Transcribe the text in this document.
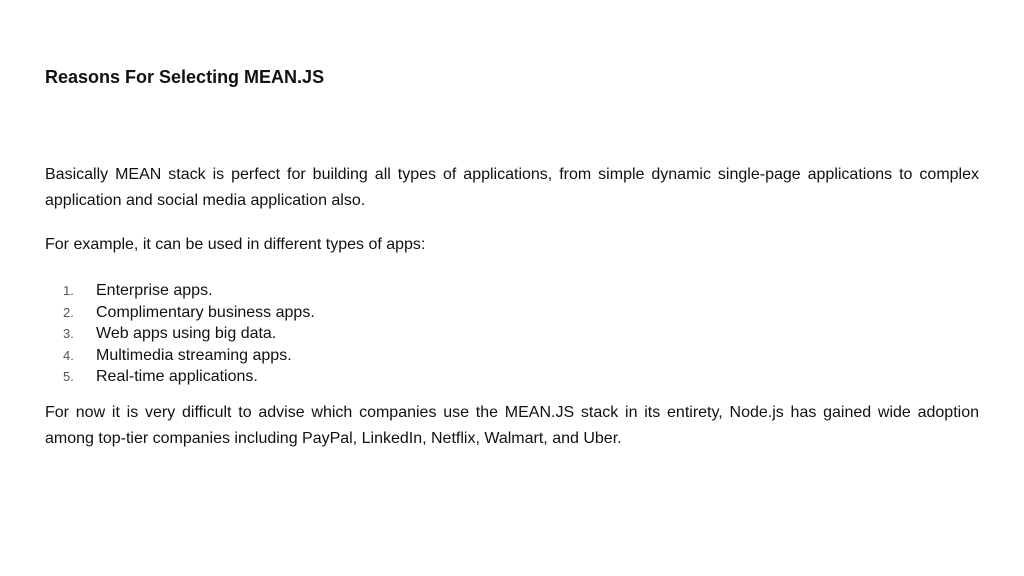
Reasons For Selecting MEAN.JS

Basically MEAN stack is perfect for building all types of applications, from simple dynamic single-page applications to complex application and social media application also.

For example, it can be used in different types of apps:

1.	Enterprise apps.
2.	Complimentary business apps.
3.	Web apps using big data.
4.	Multimedia streaming apps.
5.	Real-time applications.

For now it is very difficult to advise which companies use the MEAN.JS stack in its entirety, Node.js has gained wide adoption among top-tier companies including PayPal, LinkedIn, Netflix, Walmart, and Uber.
